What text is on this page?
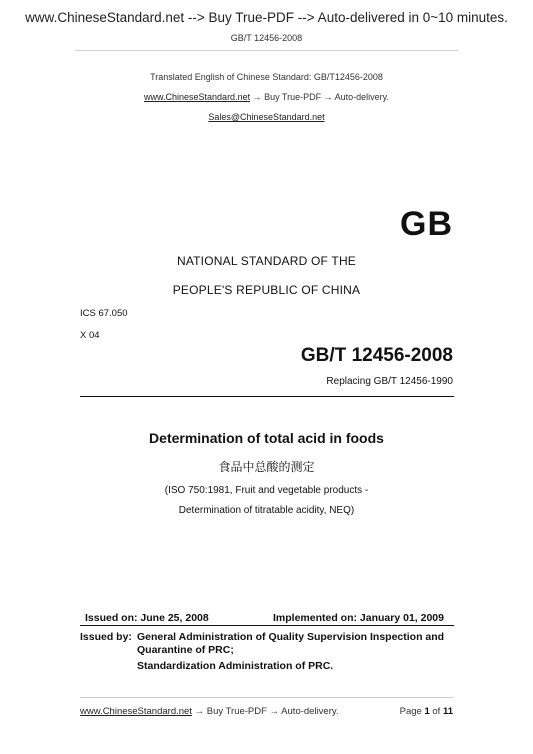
www.ChineseStandard.net --> Buy True-PDF --> Auto-delivered in 0~10 minutes.
GB/T 12456-2008
Translated English of Chinese Standard: GB/T12456-2008
www.ChineseStandard.net → Buy True-PDF → Auto-delivery.
Sales@ChineseStandard.net
GB
NATIONAL STANDARD OF THE
PEOPLE'S REPUBLIC OF CHINA
ICS 67.050
X 04
GB/T 12456-2008
Replacing GB/T 12456-1990
Determination of total acid in foods
食品中总酸的测定
(ISO 750:1981, Fruit and vegetable products -
Determination of titratable acidity, NEQ)
Issued on: June 25, 2008	Implemented on: January 01, 2009
Issued by: General Administration of Quality Supervision Inspection and Quarantine of PRC;
Standardization Administration of PRC.
www.ChineseStandard.net → Buy True-PDF → Auto-delivery.	Page 1 of 11
